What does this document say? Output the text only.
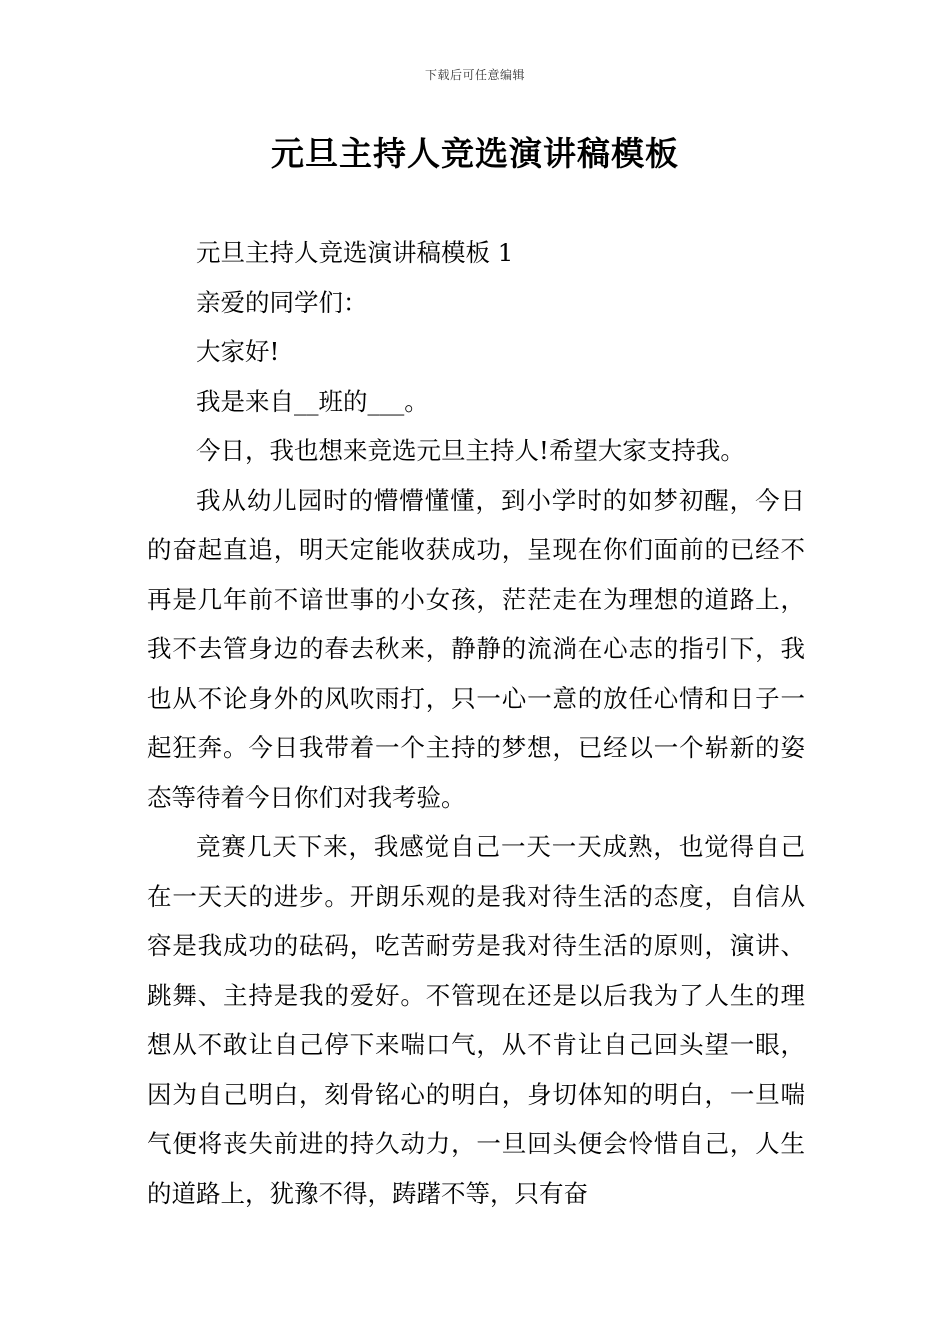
下载后可任意编辑
元旦主持人竞选演讲稿模板

元旦主持人竞选演讲稿模板 1

亲爱的同学们：

大家好!

我是来自__班的___。

今日，我也想来竞选元旦主持人!希望大家支持我。

我从幼儿园时的懵懵懂懂，到小学时的如梦初醒，今日的奋起直追，明天定能收获成功，呈现在你们面前的已经不再是几年前不谙世事的小女孩，茫茫走在为理想的道路上，我不去管身边的春去秋来，静静的流淌在心志的指引下，我也从不论身外的风吹雨打，只一心一意的放任心情和日子一起狂奔。今日我带着一个主持的梦想，已经以一个崭新的姿态等待着今日你们对我考验。

竞赛几天下来，我感觉自己一天一天成熟，也觉得自己在一天天的进步。开朗乐观的是我对待生活的态度，自信从容是我成功的砝码，吃苦耐劳是我对待生活的原则，演讲、跳舞、主持是我的爱好。不管现在还是以后我为了人生的理想从不敢让自己停下来喘口气，从不肯让自己回头望一眼，因为自己明白，刻骨铭心的明白，身切体知的明白，一旦喘气便将丧失前进的持久动力，一旦回头便会怜惜自己，人生的道路上，犹豫不得，踌躇不等，只有奋
